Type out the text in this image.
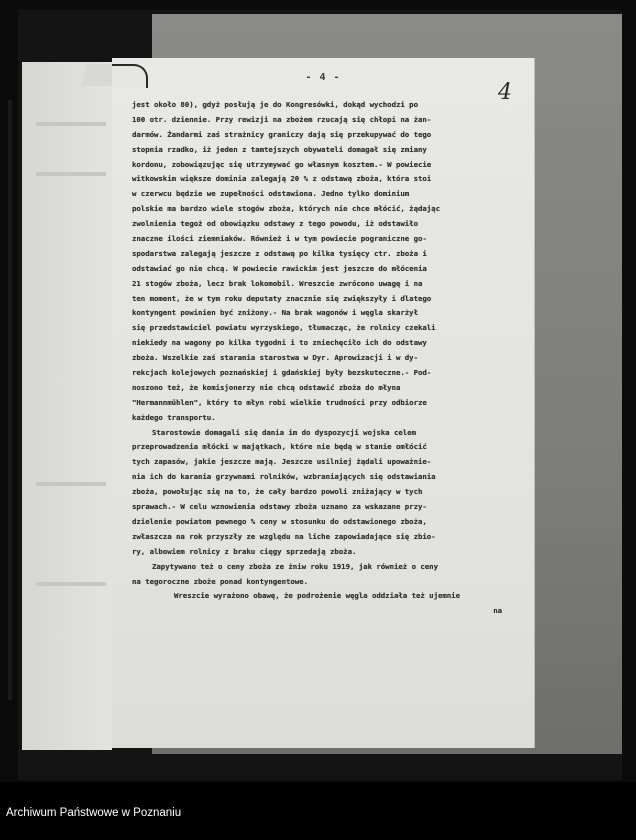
- 4 -
4
jest około 80), gdyż posłują je do Kongresówki, dokąd wychodzi po
100 otr. dziennie. Przy rewizji na zbożem rzucają się chłopi na żan-
darmów. Żandarmi zaś strażnicy graniczy dają się przekupywać do tego
stopnia rzadko, iż jeden z tamtejszych obywateli domagał się zmiany
kordonu, zobowiązując się utrzymywać go własnym kosztem.- W powiecie
witkowskim większe dominia zalegają 20 % z odstawą zboża, która stoi
w czerwcu będzie we zupełności odstawiona. Jedno tylko dominium
polskie ma bardzo wiele stogów zboża, których nie chce młócić, żądając
zwolnienia tegoż od obowiązku odstawy z tego powodu, iż odstawiło
znaczne ilości ziemniaków. Również i w tym powiecie pograniczne go-
spodarstwa zalegają jeszcze z odstawą po kilka tysięcy ctr. zboża i
odstawiać go nie chcą. W powiecie rawickim jest jeszcze do młócenia
21 stogów zboża, lecz brak lokomobil. Wreszcie zwrócono uwagę i na
ten moment, że w tym roku deputaty znacznie się zwiększyły i dlatego
kontyngent powinien być zniżony.- Na brak wagonów i węgla skarżył
się przedstawiciel powiatu wyrzyskiego, tłumacząc, że rolnicy czekali
niekiedy na wagony po kilka tygodni i to zniechęciło ich do odstawy
zboża. Wszelkie zaś starania starostwa w Dyr. Aprowizacji i w dy-
rekcjach kolejowych poznańskiej i gdańskiej były bezskuteczne.- Pod-
noszono też, że komisjonerzy nie chcą odstawić zboża do młyna
"Hermannmühlen", który to młyn robi wielkie trudności przy odbiorze
każdego transportu.
Starostowie domagali się dania im do dyspozycji wojska celem
przeprowadzenia młócki w majątkach, które nie będą w stanie omłócić
tych zapasów, jakie jeszcze mają. Jeszcze usilniej żądali upoważnie-
nia ich do karania grzywnami rolników, wzbraniających się odstawiania
zboża, powołując się na to, że cały bardzo powoli zniżający w tych
sprawach.- W celu wznowienia odstawy zboża uznano za wskazane przy-
dzielenie powiatom pewnego % ceny w stosunku do odstawionego zboża,
zwłaszcza na rok przyszły ze względu na liche zapowiadające się zbio-
ry, albowiem rolnicy z braku cięgy sprzedają zboża.
Zapytywano też o ceny zboża ze żniw roku 1919, jak również o ceny
na tegoroczne zboże ponad kontyngentowe.
Wreszcie wyrażono obawę, że podrożenie węgla oddziała też ujemnie
na
Archiwum Państwowe w Poznaniu
